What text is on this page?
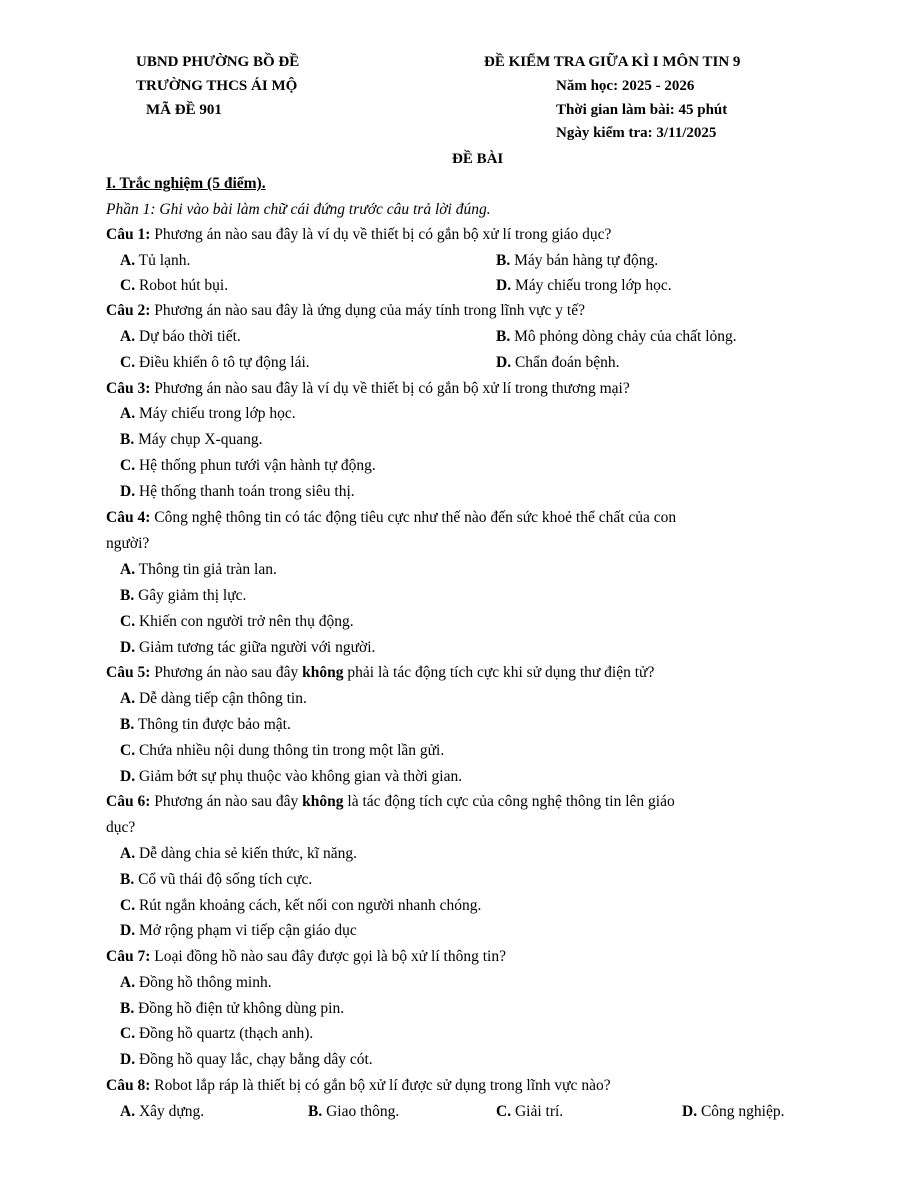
UBND PHƯỜNG BỒ ĐỀ
TRƯỜNG THCS ÁI MỘ
MÃ ĐỀ 901
ĐỀ KIỂM TRA GIỮA KÌ I MÔN TIN 9
Năm học: 2025 - 2026
Thời gian làm bài: 45 phút
Ngày kiểm tra: 3/11/2025
ĐỀ BÀI
I. Trắc nghiệm (5 điểm).
Phần 1: Ghi vào bài làm chữ cái đứng trước câu trả lời đúng.
Câu 1: Phương án nào sau đây là ví dụ về thiết bị có gắn bộ xử lí trong giáo dục?
A. Tủ lạnh.	B. Máy bán hàng tự động.
C. Robot hút bụi.	D. Máy chiếu trong lớp học.
Câu 2: Phương án nào sau đây là ứng dụng của máy tính trong lĩnh vực y tế?
A. Dự báo thời tiết.	B. Mô phỏng dòng chảy của chất lỏng.
C. Điều khiển ô tô tự động lái.	D. Chẩn đoán bệnh.
Câu 3: Phương án nào sau đây là ví dụ về thiết bị có gắn bộ xử lí trong thương mại?
A. Máy chiếu trong lớp học.
B. Máy chụp X-quang.
C. Hệ thống phun tưới vận hành tự động.
D. Hệ thống thanh toán trong siêu thị.
Câu 4: Công nghệ thông tin có tác động tiêu cực như thế nào đến sức khoẻ thể chất của con
người?
A. Thông tin giả tràn lan.
B. Gây giảm thị lực.
C. Khiến con người trở nên thụ động.
D. Giảm tương tác giữa người với người.
Câu 5: Phương án nào sau đây không phải là tác động tích cực khi sử dụng thư điện tử?
A. Dễ dàng tiếp cận thông tin.
B. Thông tin được bảo mật.
C. Chứa nhiều nội dung thông tin trong một lần gửi.
D. Giảm bớt sự phụ thuộc vào không gian và thời gian.
Câu 6: Phương án nào sau đây không là tác động tích cực của công nghệ thông tin lên giáo
dục?
A. Dễ dàng chia sẻ kiến thức, kĩ năng.
B. Cổ vũ thái độ sống tích cực.
C. Rút ngắn khoảng cách, kết nối con người nhanh chóng.
D. Mở rộng phạm vi tiếp cận giáo dục
Câu 7: Loại đồng hồ nào sau đây được gọi là bộ xử lí thông tin?
A. Đồng hồ thông minh.
B. Đồng hồ điện tử không dùng pin.
C. Đồng hồ quartz (thạch anh).
D. Đồng hồ quay lắc, chạy bằng dây cót.
Câu 8: Robot lắp ráp là thiết bị có gắn bộ xử lí được sử dụng trong lĩnh vực nào?
A. Xây dựng.	B. Giao thông.	C. Giải trí.	D. Công nghiệp.
